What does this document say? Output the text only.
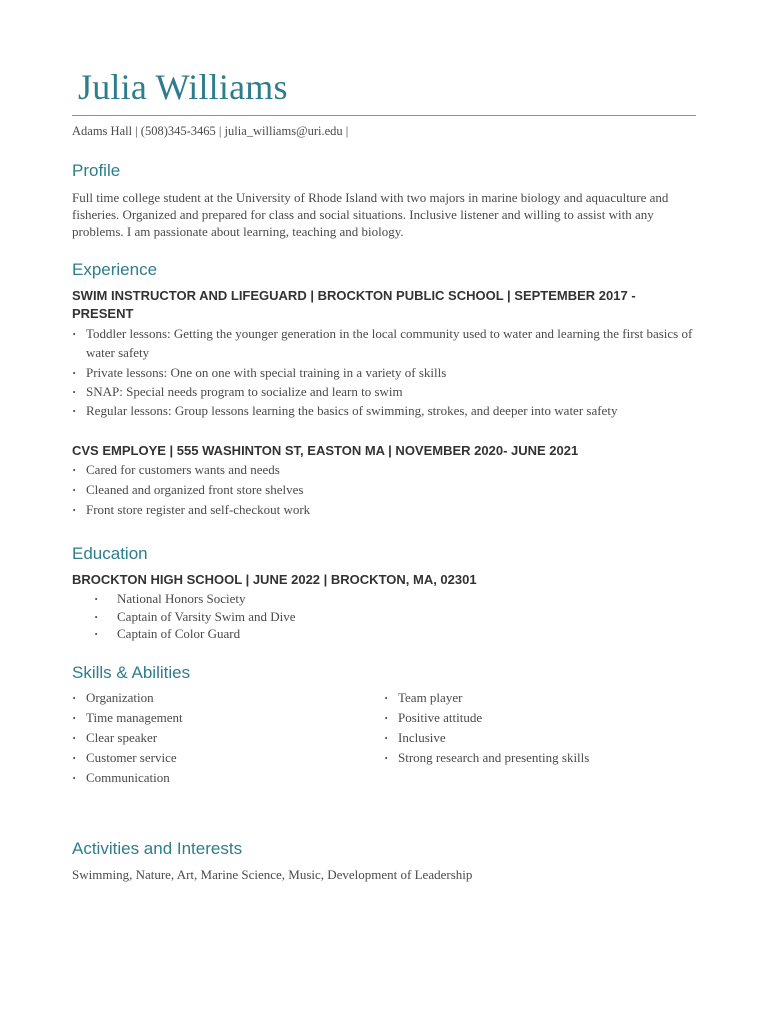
Julia Williams
Adams Hall | (508)345-3465 | julia_williams@uri.edu |
Profile
Full time college student at the University of Rhode Island with two majors in marine biology and aquaculture and fisheries. Organized and prepared for class and social situations. Inclusive listener and willing to assist with any problems. I am passionate about learning, teaching and biology.
Experience
SWIM INSTRUCTOR AND LIFEGUARD | BROCKTON PUBLIC SCHOOL | SEPTEMBER 2017 - PRESENT
· Toddler lessons: Getting the younger generation in the local community used to water and learning the first basics of water safety
· Private lessons: One on one with special training in a variety of skills
· SNAP: Special needs program to socialize and learn to swim
· Regular lessons: Group lessons learning the basics of swimming, strokes, and deeper into water safety
CVS EMPLOYE | 555 WASHINTON ST, EASTON MA | NOVEMBER 2020- JUNE 2021
· Cared for customers wants and needs
· Cleaned and organized front store shelves
· Front store register and self-checkout work
Education
BROCKTON HIGH SCHOOL | JUNE 2022 | BROCKTON, MA, 02301
· National Honors Society
· Captain of Varsity Swim and Dive
· Captain of Color Guard
Skills & Abilities
· Organization
· Time management
· Clear speaker
· Customer service
· Communication
· Team player
· Positive attitude
· Inclusive
· Strong research and presenting skills
Activities and Interests
Swimming, Nature, Art, Marine Science, Music, Development of Leadership
